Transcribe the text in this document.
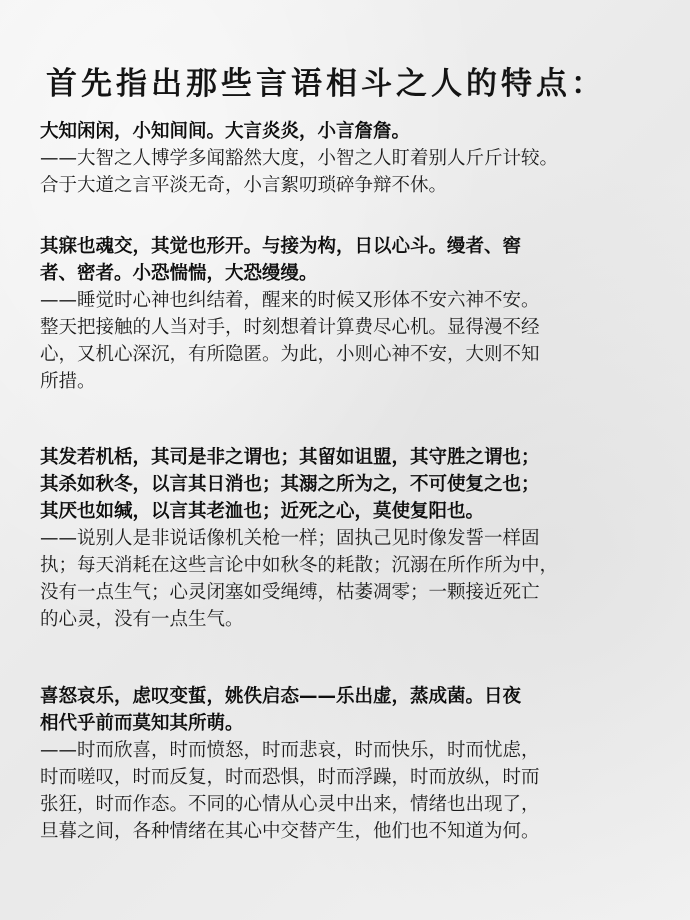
首先指出那些言语相斗之人的特点：
大知闲闲，小知间间。大言炎炎，小言詹詹。
——大智之人博学多闻豁然大度，小智之人盯着别人斤斤计较。
合于大道之言平淡无奇，小言絮叨琐碎争辩不休。
其寐也魂交，其觉也形开。与接为构，日以心斗。缦者、窖
者、密者。小恐惴惴，大恐缦缦。
——睡觉时心神也纠结着，醒来的时候又形体不安六神不安。
整天把接触的人当对手，时刻想着计算费尽心机。显得漫不经
心，又机心深沉，有所隐匿。为此，小则心神不安，大则不知
所措。
其发若机栝，其司是非之谓也；其留如诅盟，其守胜之谓也；
其杀如秋冬，以言其日消也；其溺之所为之，不可使复之也；
其厌也如缄，以言其老洫也；近死之心，莫使复阳也。
——说别人是非说话像机关枪一样；固执己见时像发誓一样固
执；每天消耗在这些言论中如秋冬的耗散；沉溺在所作所为中，
没有一点生气；心灵闭塞如受绳缚，枯萎凋零；一颗接近死亡
的心灵，没有一点生气。
喜怒哀乐，虑叹变蜇，姚佚启态——乐出虚，蒸成菌。日夜
相代乎前而莫知其所萌。
——时而欣喜，时而愤怒，时而悲哀，时而快乐，时而忧虑，
时而嗟叹，时而反复，时而恐惧，时而浮躁，时而放纵，时而
张狂，时而作态。不同的心情从心灵中出来，情绪也出现了，
旦暮之间，各种情绪在其心中交替产生，他们也不知道为何。
